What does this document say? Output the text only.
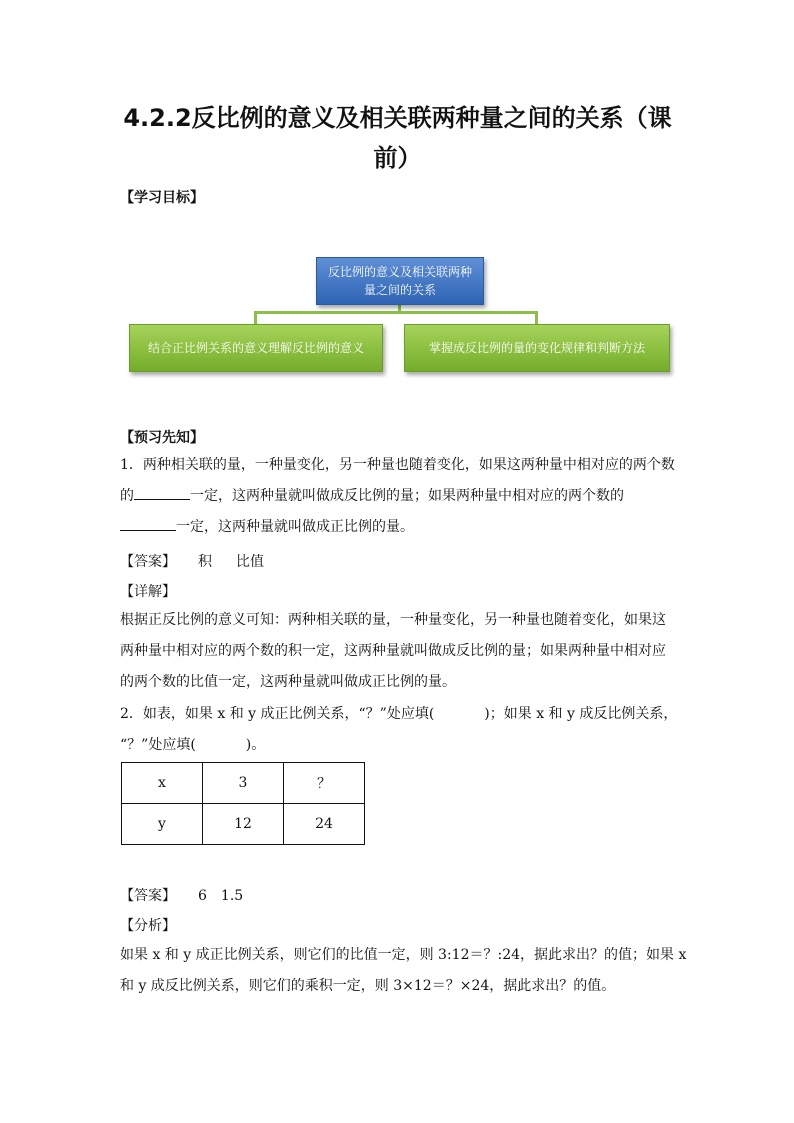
4.2.2反比例的意义及相关联两种量之间的关系（课
前）
【学习目标】
反比例的意义及相关联两种
量之间的关系
结合正比例关系的意义理解反比例的意义	掌握成反比例的量的变化规律和判断方法
【预习先知】
1．两种相关联的量，一种量变化，另一种量也随着变化，如果这两种量中相对应的两个数
的	一定，这两种量就叫做成反比例的量；如果两种量中相对应的两个数的
一定，这两种量就叫做成正比例的量。
【答案】 积 比值
【详解】
根据正反比例的意义可知：两种相关联的量，一种量变化，另一种量也随着变化，如果这
两种量中相对应的两个数的积一定，这两种量就叫做成反比例的量；如果两种量中相对应
的两个数的比值一定，这两种量就叫做成正比例的量。
2．如表，如果 x 和 y 成正比例关系，“？”处应填(	)；如果 x 和 y 成反比例关系，
“？”处应填(	)。
x	3	？
y	12	24
【答案】 6 1.5
【分析】
如果 x 和 y 成正比例关系，则它们的比值一定，则 3:12＝？:24，据此求出？的值；如果 x
和 y 成反比例关系，则它们的乘积一定，则 3×12＝？×24，据此求出？的值。
